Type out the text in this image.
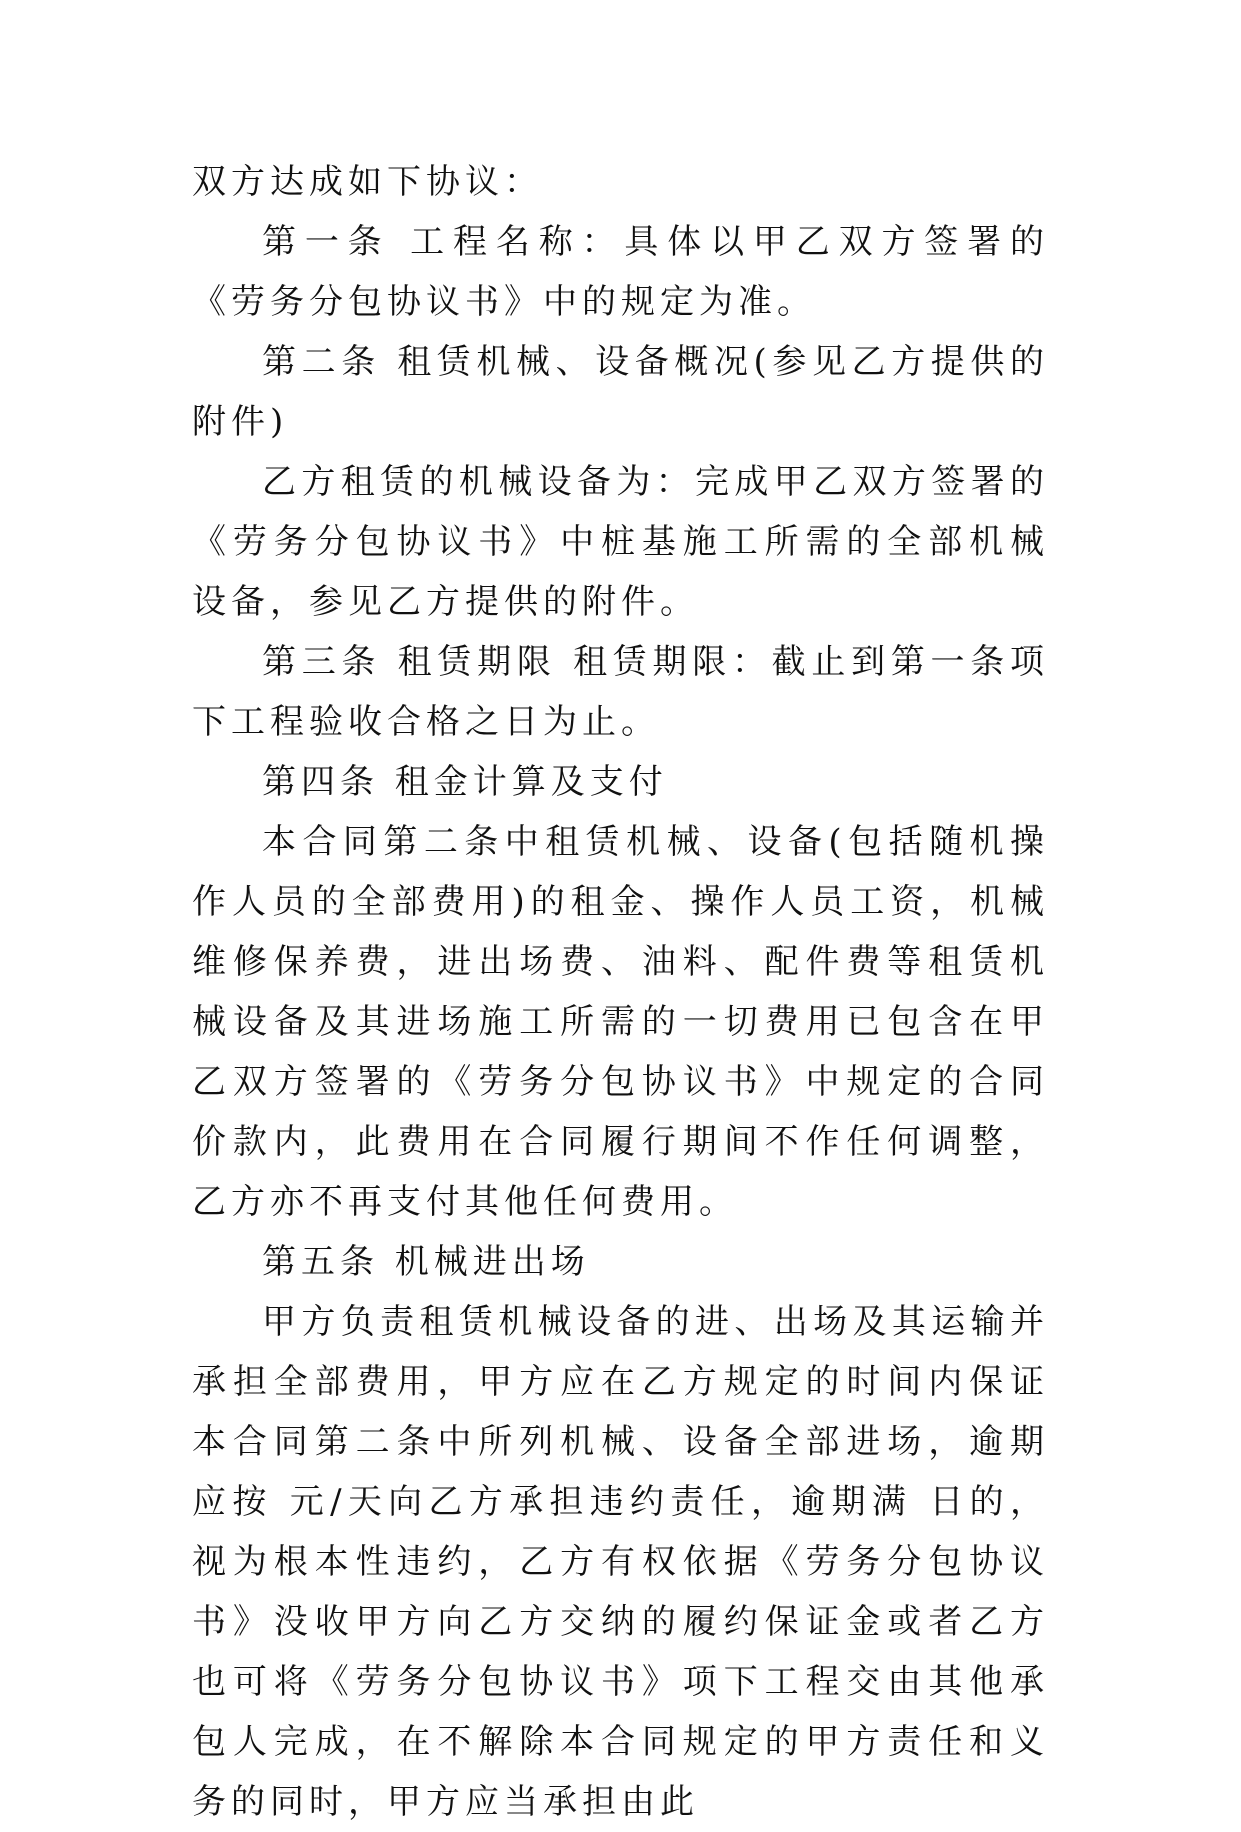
双方达成如下协议：

第一条 工程名称：具体以甲乙双方签署的《劳务分包协议书》中的规定为准。

第二条 租赁机械、设备概况(参见乙方提供的附件)

乙方租赁的机械设备为：完成甲乙双方签署的《劳务分包协议书》中桩基施工所需的全部机械设备，参见乙方提供的附件。

第三条 租赁期限 租赁期限：截止到第一条项下工程验收合格之日为止。

第四条 租金计算及支付

本合同第二条中租赁机械、设备(包括随机操作人员的全部费用)的租金、操作人员工资，机械维修保养费，进出场费、油料、配件费等租赁机械设备及其进场施工所需的一切费用已包含在甲乙双方签署的《劳务分包协议书》中规定的合同价款内，此费用在合同履行期间不作任何调整，乙方亦不再支付其他任何费用。

第五条 机械进出场

甲方负责租赁机械设备的进、出场及其运输并承担全部费用，甲方应在乙方规定的时间内保证本合同第二条中所列机械、设备全部进场，逾期应按 元/天向乙方承担违约责任，逾期满 日的，视为根本性违约，乙方有权依据《劳务分包协议书》没收甲方向乙方交纳的履约保证金或者乙方也可将《劳务分包协议书》项下工程交由其他承包人完成，在不解除本合同规定的甲方责任和义务的同时，甲方应当承担由此
